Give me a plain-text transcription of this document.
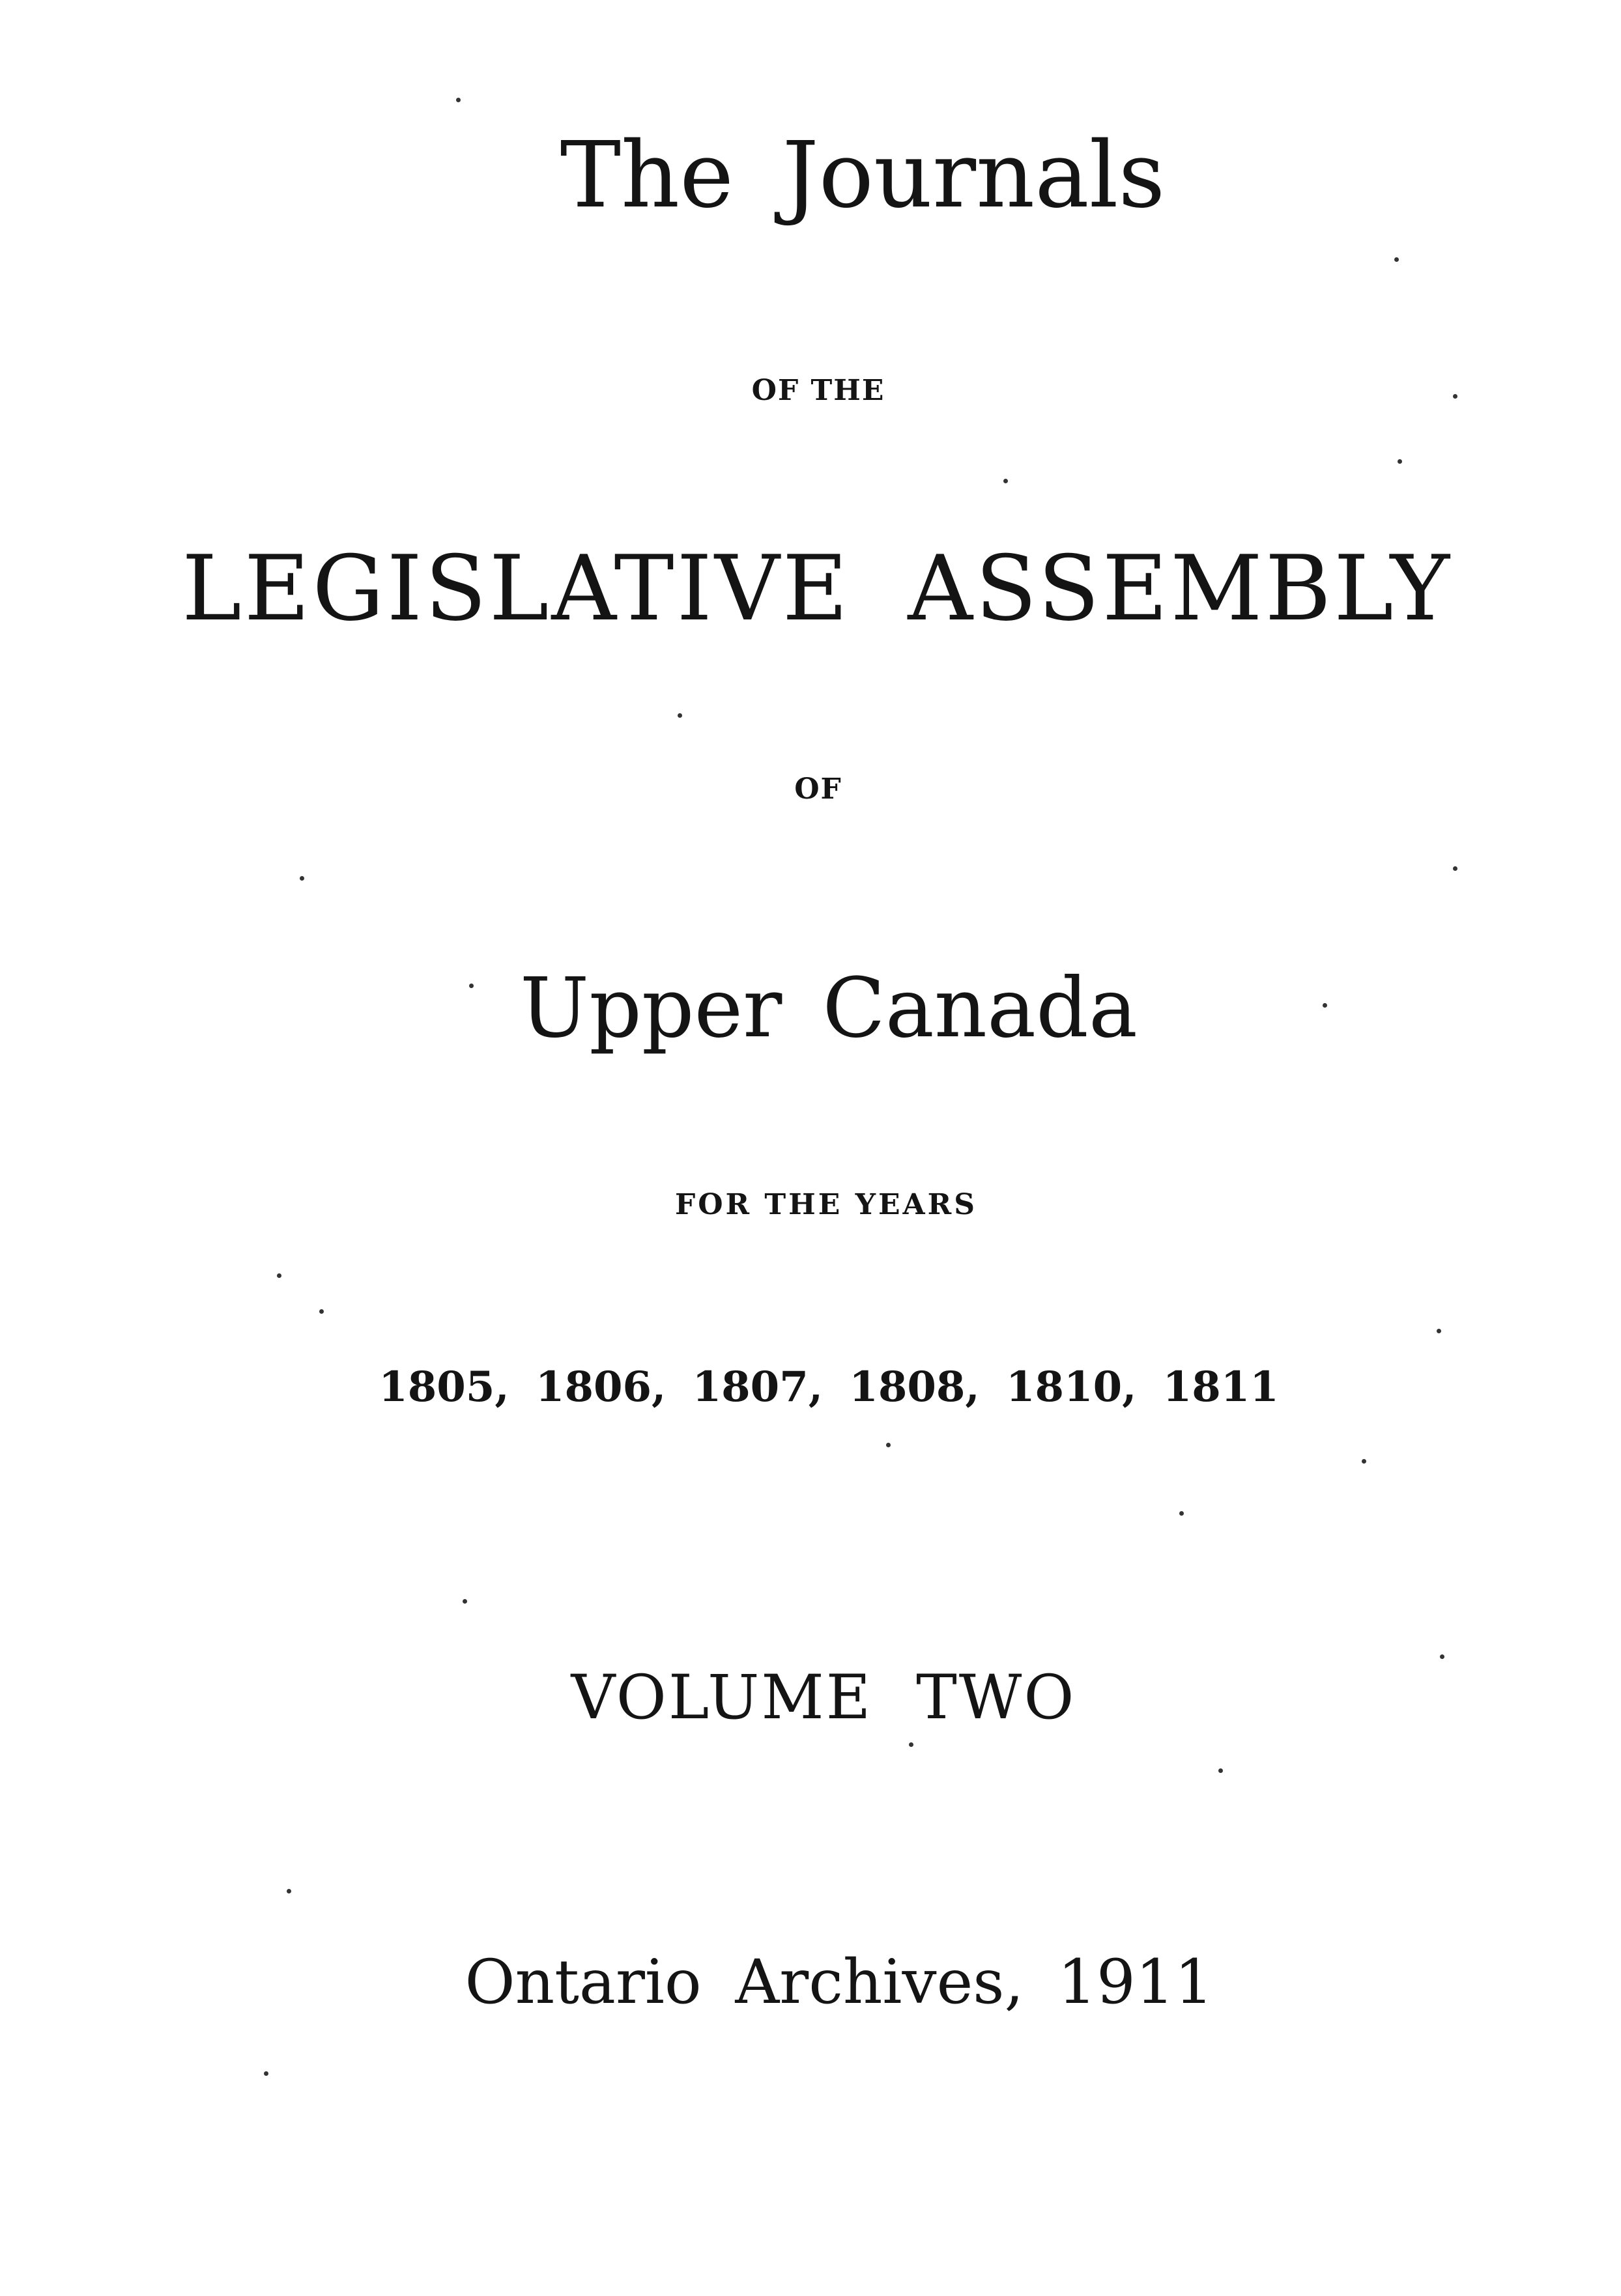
The Journals
OF THE
LEGISLATIVE ASSEMBLY
OF
Upper Canada
FOR THE YEARS
1805, 1806, 1807, 1808, 1810, 1811
VOLUME TWO
Ontario Archives, 1911
